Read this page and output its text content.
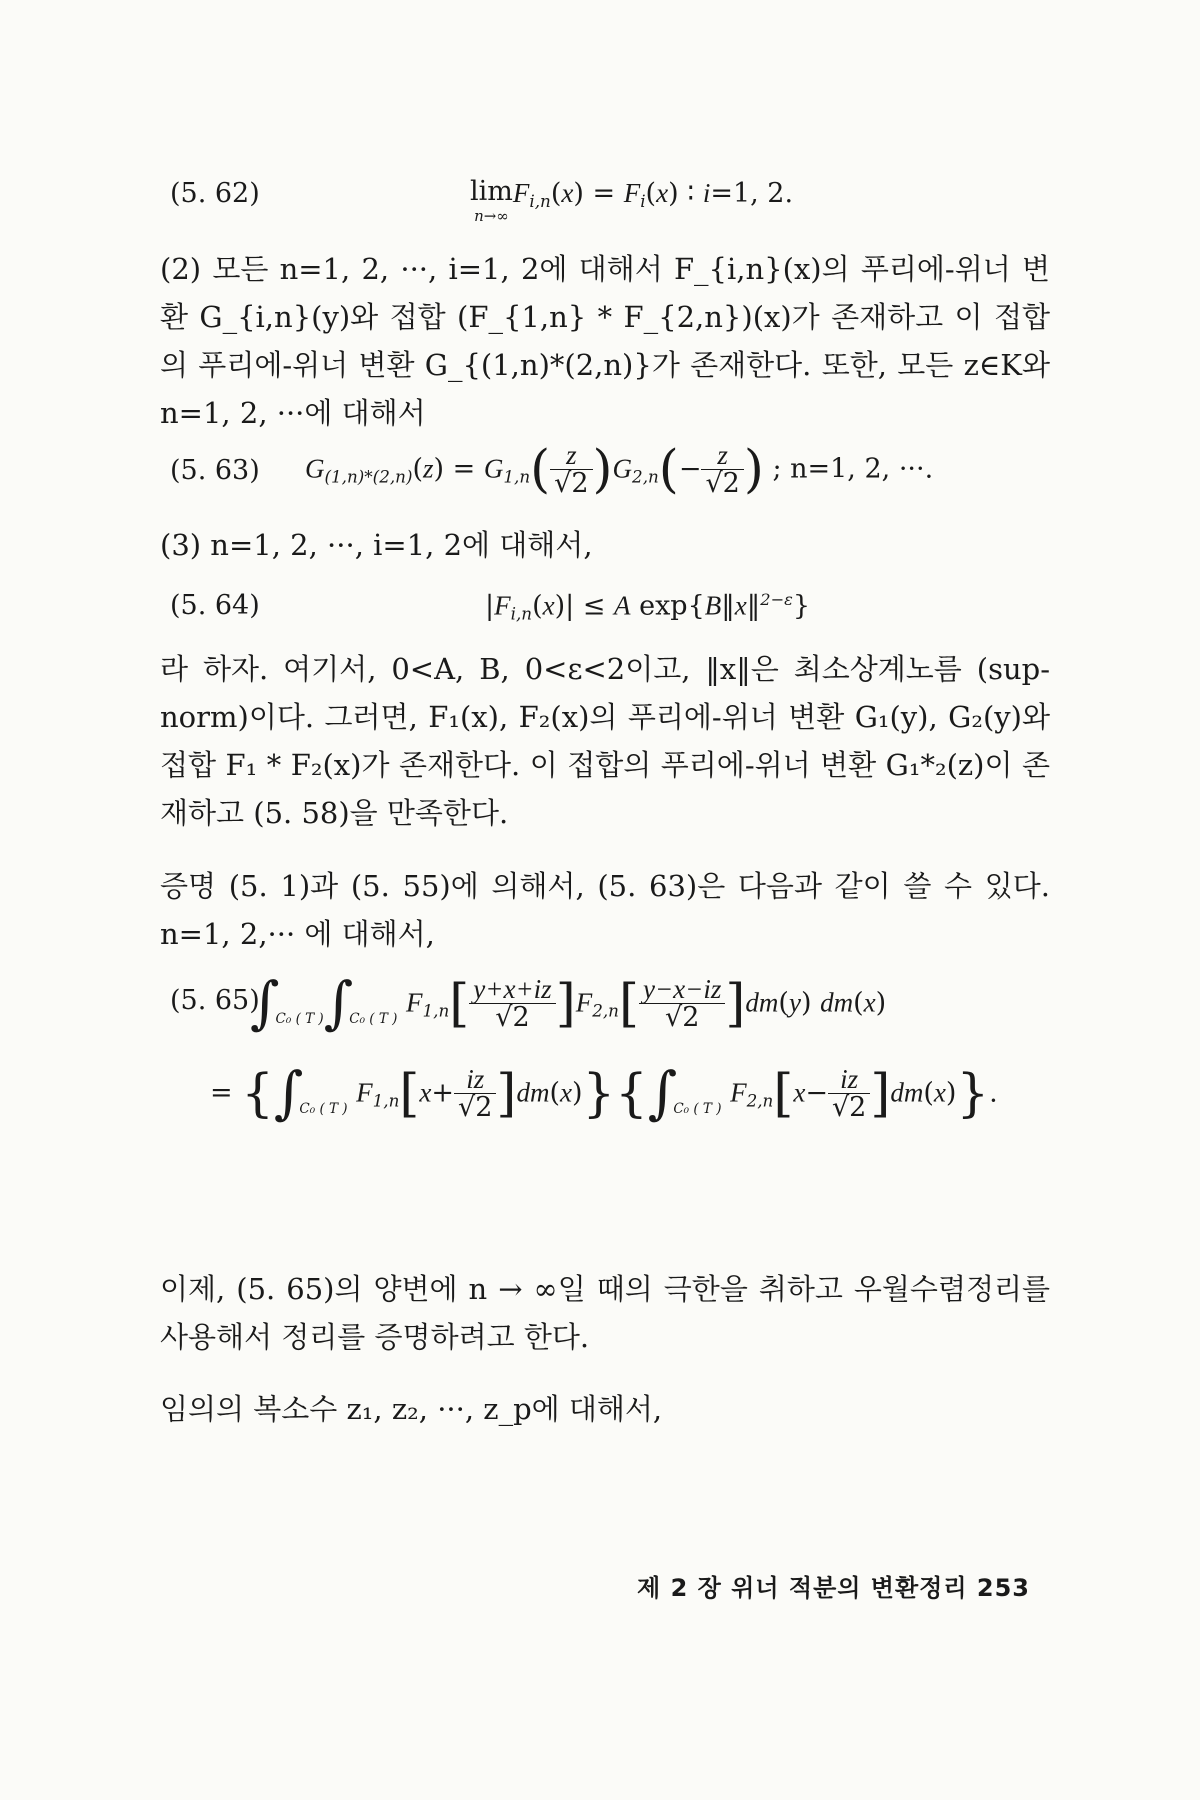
(5. 62)	lim
n→∞
$F_{i,n}(x) = F_i(x)$ ∶ i=1, 2.
(2) 모든 n=1, 2, ···, i=1, 2에 대해서 F_{i,n}(x)의 푸리에-위너 변환 G_{i,n}(y)와 접합 (F_{1,n} * F_{2,n})(x)가 존재하고 이 접합의 푸리에-위너 변환 G_{(1,n)*(2,n)}가 존재한다. 또한, 모든 z∈K와 n=1, 2, ···에 대해서
(5. 63) $G_{(1,n)*(2,n)}(z) = G_{1,n}( \frac{z}{√2} )G_{2,n}(- \frac{z}{√2}$ ) ; n=1, 2, ···.
(3) n=1, 2, ···, i=1, 2에 대해서,
(5. 64)	$|F_{i,n}(x)| \le A$ exp{B‖x‖$^{2-\varepsilon}$}
라 하자. 여기서, 0<A, B, 0<ε<2이고, ‖x‖은 최소상계노름 (sup-norm)이다. 그러면, F₁(x), F₂(x)의 푸리에-위너 변환 G₁(y), G₂(y)와 접합 F₁ * F₂(x)가 존재한다. 이 접합의 푸리에-위너 변환 G₁*₂(z)이 존재하고 (5. 58)을 만족한다.
증명 (5. 1)과 (5. 55)에 의해서, (5. 63)은 다음과 같이 쓸 수 있다. n=1, 2,··· 에 대해서,
(5. 65)
$\int_{C_0 ( T )}\int_{C_0 ( T )}$ $F_{1,n}[ \frac{y+x+iz}{√2} ]F_{2,n}[ \frac{y-x-iz}{√2} ]dm(y)$ dm(x)
= {$\int_{C_0 ( T )}$ $F_{1,n}[x+ \frac{iz}{√2} ]dm(x)\}\{\int_{C_0 ( T )}$ $F_{2,n}[x- \frac{iz}{√2} ]dm(x)$}.
이제, (5. 65)의 양변에 n → ∞일 때의 극한을 취하고 우월수렴정리를 사용해서 정리를 증명하려고 한다.
임의의 복소수 z₁, z₂, ···, z_p에 대해서,
제 2 장 위너 적분의 변환정리 253
